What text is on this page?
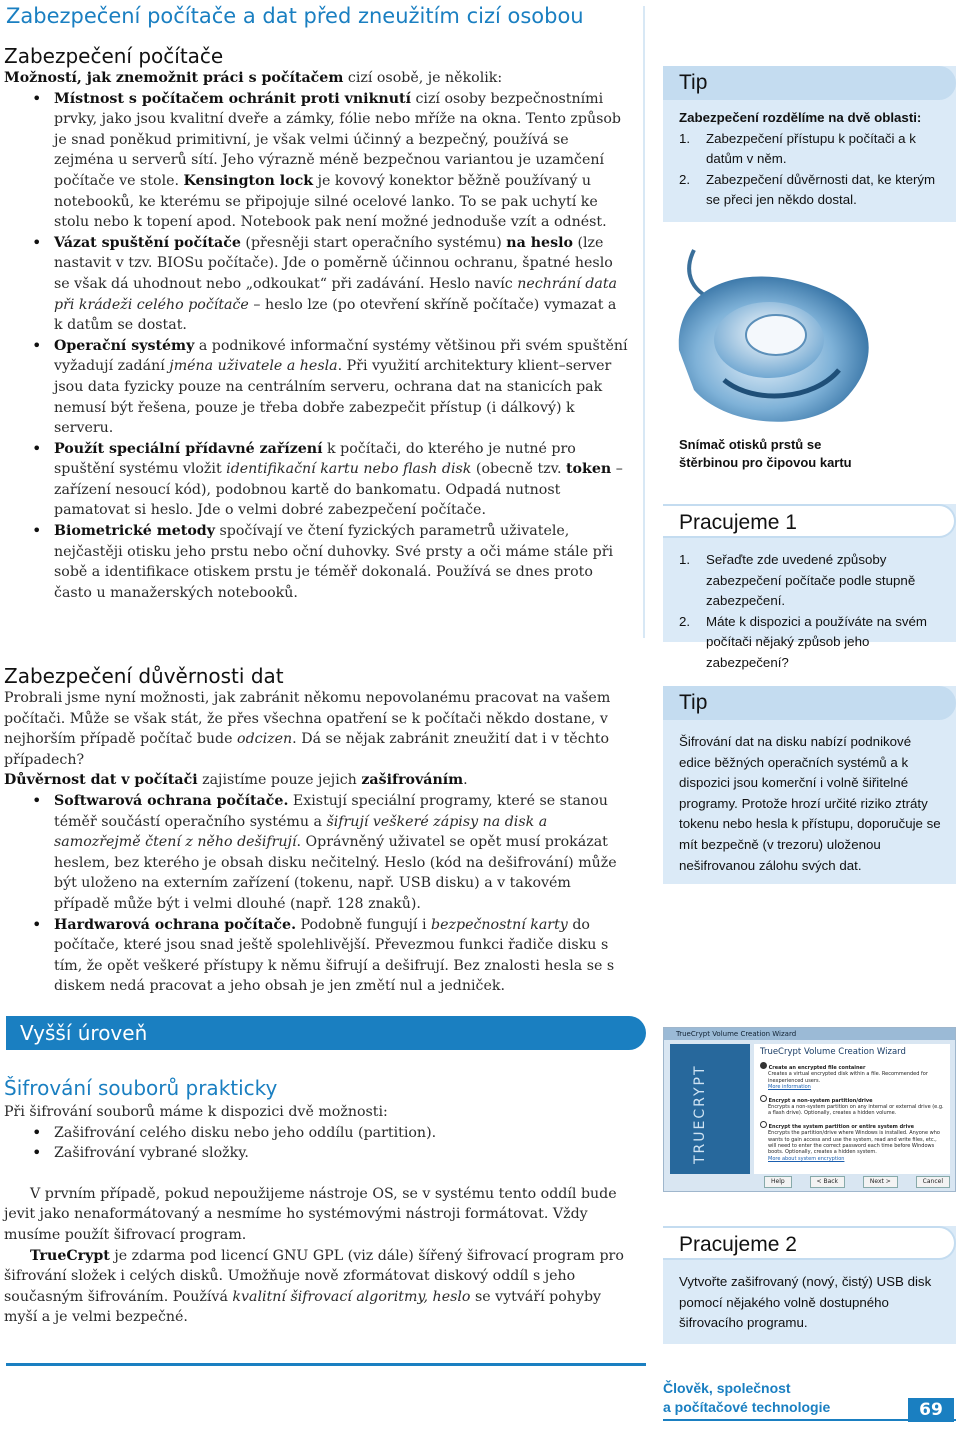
Zabezpečení počítače a dat před zneužitím cizí osobou
Zabezpečení počítače

Možností, jak znemožnit práci s počítačem cizí osobě, je několik:

• Místnost s počítačem ochránit proti vniknutí cizí osoby bezpečnostními prvky, jako jsou kvalitní dveře a zámky, fólie nebo mříže na okna. Tento způsob je snad poněkud primitivní, je však velmi účinný a bezpečný, používá se zejména u serverů sítí. Jeho výrazně méně bezpečnou variantou je uzamčení počítače ve stole. Kensington lock je kovový konektor běžně používaný u notebooků, ke kterému se připojuje silné ocelové lanko. To se pak uchytí ke stolu nebo k topení apod. Notebook pak není možné jednoduše vzít a odnést.
• Vázat spuštění počítače (přesněji start operačního systému) na heslo (lze nastavit v tzv. BIOSu počítače). Jde o poměrně účinnou ochranu, špatné heslo se však dá uhodnout nebo „odkoukat“ při zadávání. Heslo navíc nechrání data při krádeži celého počítače – heslo lze (po otevření skříně počítače) vymazat a k datům se dostat.
• Operační systémy a podnikové informační systémy většinou při svém spuštění vyžadují zadání jména uživatele a hesla. Při využití architektury klient–server jsou data fyzicky pouze na centrálním serveru, ochrana dat na stanicích pak nemusí být řešena, pouze je třeba dobře zabezpečit přístup (i dálkový) k serveru.
• Použít speciální přídavné zařízení k počítači, do kterého je nutné pro spuštění systému vložit identifikační kartu nebo flash disk (obecně tzv. token – zařízení nesoucí kód), podobnou kartě do bankomatu. Odpadá nutnost pamatovat si heslo. Jde o velmi dobré zabezpečení počítače.
• Biometrické metody spočívají ve čtení fyzických parametrů uživatele, nejčastěji otisku jeho prstu nebo oční duhovky. Své prsty a oči máme stále při sobě a identifikace otiskem prstu je téměř dokonalá. Používá se dnes proto často u manažerských notebooků.
Zabezpečení důvěrnosti dat

Probrali jsme nyní možnosti, jak zabránit někomu nepovolanému pracovat na vašem počítači. Může se však stát, že přes všechna opatření se k počítači někdo dostane, v nejhorším případě počítač bude odcizen. Dá se nějak zabránit zneužití dat i v těchto případech?

Důvěrnost dat v počítači zajistíme pouze jejich zašifrováním.

• Softwarová ochrana počítače. Existují speciální programy, které se stanou téměř součástí operačního systému a šifrují veškeré zápisy na disk a samozřejmě čtení z něho dešifrují. Oprávněný uživatel se opět musí prokázat heslem, bez kterého je obsah disku nečitelný. Heslo (kód na dešifrování) může být uloženo na externím zařízení (tokenu, např. USB disku) a v takovém případě může být i velmi dlouhé (např. 128 znaků).
• Hardwarová ochrana počítače. Podobně fungují i bezpečnostní karty do počítače, které jsou snad ještě spolehlivější. Převezmou funkci řadiče disku s tím, že opět veškeré přístupy k němu šifrují a dešifrují. Bez znalosti hesla se s diskem nedá pracovat a jeho obsah je jen změtí nul a jedniček.
Vyšší úroveň
Šifrování souborů prakticky

Při šifrování souborů máme k dispozici dvě možnosti:

• Zašifrování celého disku nebo jeho oddílu (partition).
• Zašifrování vybrané složky.

V prvním případě, pokud nepoužijeme nástroje OS, se v systému tento oddíl bude jevit jako nenaformátovaný a nesmíme ho systémovými nástroji formátovat. Vždy musíme použít šifrovací program.

TrueCrypt je zdarma pod licencí GNU GPL (viz dále) šířený šifrovací program pro šifrování složek i celých disků. Umožňuje nově zformátovat diskový oddíl s jeho současným šifrováním. Používá kvalitní šifrovací algoritmy, heslo se vytváří pohyby myší a je velmi bezpečné.

Tip
Zabezpečení rozdělíme na dvě oblasti:
1. Zabezpečení přístupu k počítači a k datům v něm.
2. Zabezpečení důvěrnosti dat, ke kterým se přeci jen někdo dostal.
Snímač otisků prstů se štěrbinou pro čipovou kartu
Pracujeme 1
1. Seřaďte zde uvedené způsoby zabezpečení počítače podle stupně zabezpečení.
2. Máte k dispozici a používáte na svém počítači nějaký způsob jeho zabezpečení?
Tip
Šifrování dat na disku nabízí podnikové edice běžných operačních systémů a k dispozici jsou komerční i volně šiřitelné programy. Protože hrozí určité riziko ztráty tokenu nebo hesla k přístupu, doporučuje se mít bezpečně (v trezoru) uloženou nešifrovanou zálohu svých dat.
TrueCrypt Volume Creation Wizard
TRUECRYPT
TrueCrypt Volume Creation Wizard
Create an encrypted file container
Creates a virtual encrypted disk within a file. Recommended for inexperienced users.
More information
Encrypt a non-system partition/drive
Encrypts a non-system partition on any internal or external drive (e.g. a flash drive). Optionally, creates a hidden volume.
Encrypt the system partition or entire system drive
Encrypts the partition/drive where Windows is installed. Anyone who wants to gain access and use the system, read and write files, etc., will need to enter the correct password each time before Windows boots. Optionally, creates a hidden system.
More about system encryption
Help	< Back	Next >	Cancel
Pracujeme 2
Vytvořte zašifrovaný (nový, čistý) USB disk pomocí nějakého volně dostupného šifrovacího programu.
Člověk, společnost
a počítačové technologie	69
